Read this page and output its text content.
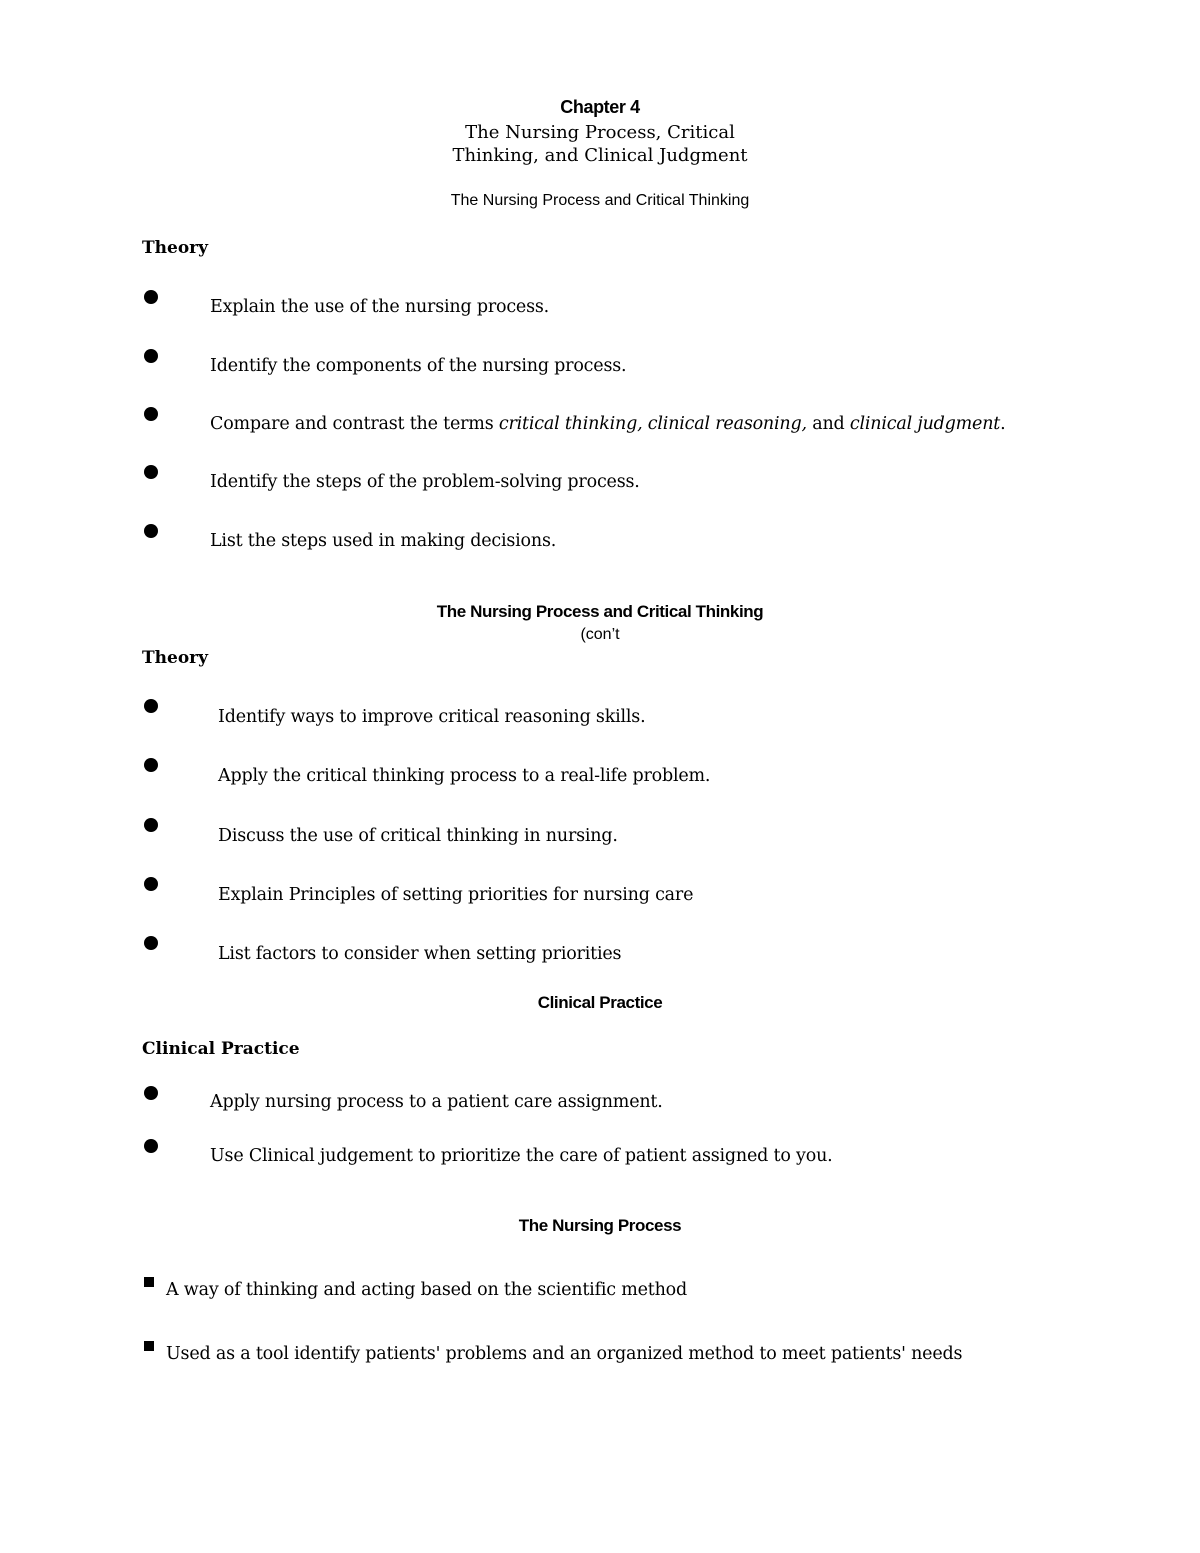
Chapter 4
The Nursing Process, Critical
Thinking, and Clinical Judgment
The Nursing Process and Critical Thinking
Theory
Explain the use of the nursing process.
Identify the components of the nursing process.
Compare and contrast the terms critical thinking, clinical reasoning, and clinical judgment.
Identify the steps of the problem-solving process.
List the steps used in making decisions.
The Nursing Process and Critical Thinking
(con’t
Theory
Identify ways to improve critical reasoning skills.
Apply the critical thinking process to a real-life problem.
Discuss the use of critical thinking in nursing.
Explain Principles of setting priorities for nursing care
List factors to consider when setting priorities
Clinical Practice
Clinical Practice
Apply nursing process to a patient care assignment.
Use Clinical judgement to prioritize the care of patient assigned to you.
The Nursing Process
A way of thinking and acting based on the scientific method
Used as a tool identify patients' problems and an organized method to meet patients' needs
